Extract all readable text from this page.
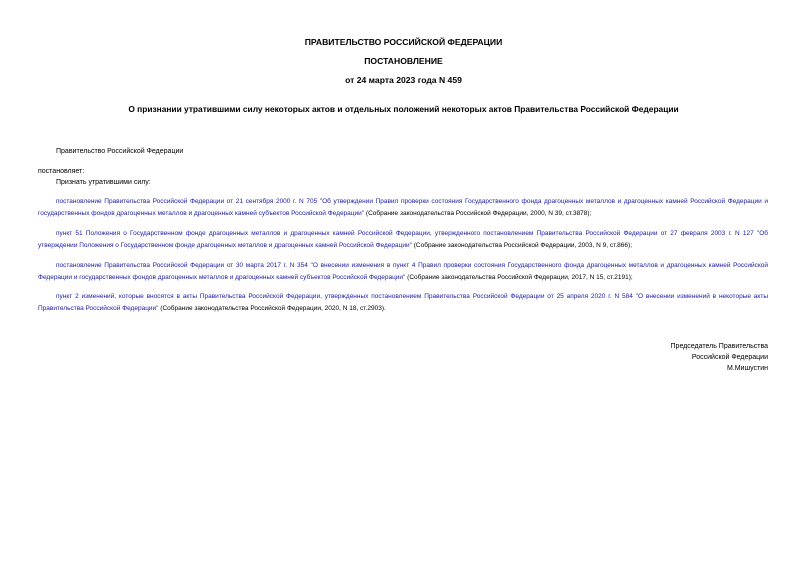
ПРАВИТЕЛЬСТВО РОССИЙСКОЙ ФЕДЕРАЦИИ
ПОСТАНОВЛЕНИЕ
от 24 марта 2023 года N 459
О признании утратившими силу некоторых актов и отдельных положений некоторых актов Правительства Российской Федерации
Правительство Российской Федерации
постановляет:
Признать утратившими силу:
постановление Правительства Российской Федерации от 21 сентября 2000 г. N 705 "Об утверждении Правил проверки состояния Государственного фонда драгоценных металлов и драгоценных камней Российской Федерации и государственных фондов драгоценных металлов и драгоценных камней субъектов Российской Федерации" (Собрание законодательства Российской Федерации, 2000, N 39, ст.3878);
пункт 51 Положения о Государственном фонде драгоценных металлов и драгоценных камней Российской Федерации, утвержденного постановлением Правительства Российской Федерации от 27 февраля 2003 г. N 127 "Об утверждении Положения о Государственном фонде драгоценных металлов и драгоценных камней Российской Федерации" (Собрание законодательства Российской Федерации, 2003, N 9, ст.866);
постановление Правительства Российской Федерации от 30 марта 2017 г. N 354 "О внесении изменения в пункт 4 Правил проверки состояния Государственного фонда драгоценных металлов и драгоценных камней Российской Федерации и государственных фондов драгоценных металлов и драгоценных камней субъектов Российской Федерации" (Собрание законодательства Российской Федерации, 2017, N 15, ст.2191);
пункт 2 изменений, которые вносятся в акты Правительства Российской Федерации, утвержденных постановлением Правительства Российской Федерации от 25 апреля 2020 г. N 584 "О внесении изменений в некоторые акты Правительства Российской Федерации" (Собрание законодательства Российской Федерации, 2020, N 18, ст.2903).
Председатель Правительства
Российской Федерации
М.Мишустин
